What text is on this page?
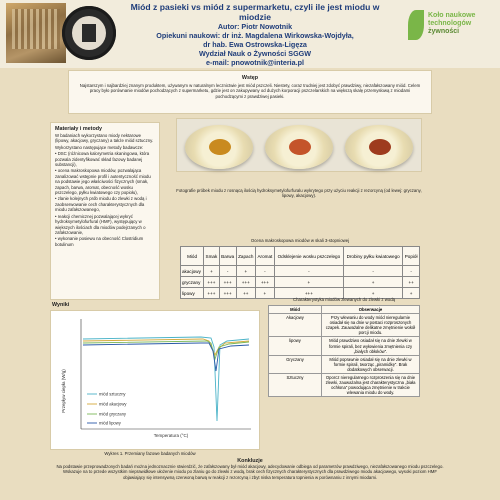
Miód z pasieki vs miód z supermarketu, czyli ile jest miodu w miodzie
Autor: Piotr Nowotnik
Opiekuni naukowi: dr inż. Magdalena Wirkowska-Wojdyła,
dr hab. Ewa Ostrowska-Ligęza
Wydział Nauk o Żywności SGGW
e-mail: pnowotnik@interia.pl
Koło naukowe
technologów
żywności
Wstęp
Najstarszym i najbardziej znanym produktem, używanym w naturalnym lecznictwie jest miód pszczeli. Niestety, coraz trudniej jest zdobyć prawdziwy, niezafałszowany miód. Celem pracy było porównanie miodów pochodzących z supermarketu, gdzie jest on zakupywany od dużych korporacji pszczelarskich na większą skalę przemysłową z miodami pochodzącymi z prawdziwej pasieki.
Materiały i metody
W badaniach wykorzystano miody nektarowe (lipowy, akacjowy, gryczany) a także miód sztuczny.
Wykorzystano następujące metody badawcze:
• DSC (różnicowa kalorymetria skaningowa, która pozwala zidentyfikować skład fazowy badanej substancji),
• ocena makroskopowa miodów, pozwalająca zanalizować wstępnie profil i autentyczność miodu na podstawie jego właściwości fizycznych (smak, zapach, barwa, aromat, obecność wosku pszczelego, pyłku kwiatowego czy popiołu),
• zlanie kolejnych prób miodu do zlewki z wodą i zaobserwowanie cech charakterystycznych dla miodu zafałszowanego,
• reakcji chemicznej pozwalającej wykryć hydroksymetylofurfural (HMF), występujący w większych ilościach dla miodów podejrzanych o zafałszowanie,
• wykonanie posiewu na obecność Clostridium botulinum
Fotografie próbek miodu z rosnącą ilością hydroksymetylofurfuralu wykrytego przy użyciu reakcji z rezorcyną (od lewej: gryczany, lipowy, akacjowy).
Ocena makroskopowa miodów w skali 3-stopniowej
Miód	Smak	Barwa	Zapach	Aromat	Odsklejenie wosku pszczelego	Drobiny pyłku kwiatowego	Popiół
akacjowy	+	-	+	-	-	-	-
gryczany	+++	+++	+++	+++	+	+	++
lipowy	+++	+++	++	+	+++	+	+
Wyniki
Przepływ ciepła (W/g)
Temperatura (°C)
miód sztuczny
miód akacjowy
miód gryczany
miód lipowy
Wykres 1. Przemiany fazowe badanych miodów
Charakterystyka miodów zlewanych do zlewki z wodą
Miód	Obserwacje
Akacjowy	Przy wlewaniu do wody miód nieregularnie osiadał się na dnie w postaci rozproszonych czapek. Zauważalne delikatne zmętnienie wokół porcji miodu.
lipowy	Miód prawdziwo osiadał się na dnie zlewki w formie spirali, bez wyłowienia zmętnienia czy „białych obłoków”.
Gryczany	Miód poprawnie osiadał się na dnie zlewki w formie spirali, tworząc „piramidkę”. Brak dodatkowych obserwacji.
Sztuczny	Oporcz nieregularnego rozproszenia się na dnie zlewki, zauważalna jest charakterystyczna „biała ochłona” powodująca zmętnienie w trakcie wlewania miodu do wody.
Konkluzje
Na podstawie przeprowadzonych badań można jednoznacznie stwierdzić, że zafałszowany był miód akacjowy, adecydowanie odbiega od parametrów prawdziwego, niezafałszowanego miodu pszczelego. Wskazuje na to przede wszystkim nieprawidłowe ułożenie miodu po zlaniu go do zlewki z wodą, brak cech fizycznych charakterystycznych dla prawdziwego miodu akacjowego, wysoki poziom HMF objawiający się intensywną czerwoną barwą w reakcji z rezorcyną i zbyt niska temperatura topnienia w porównaniu z innymi miodami.
